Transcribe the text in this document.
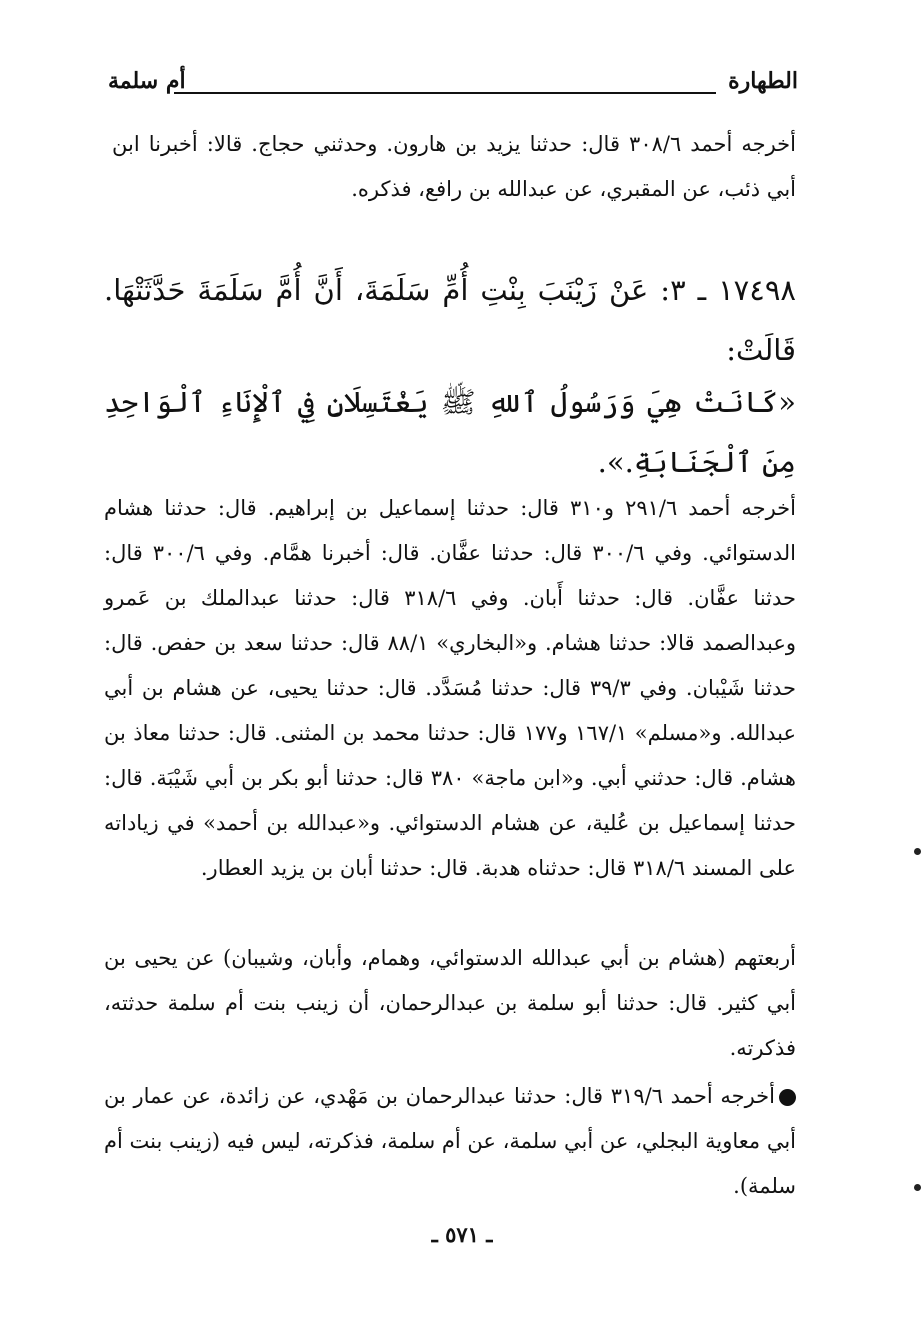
الطهارة
أم سلمة
أخرجه أحمد ٣٠٨/٦ قال: حدثنا يزيد بن هارون. وحدثني حجاج. قالا: أخبرنا ابن أبي ذئب، عن المقبري، عن عبدالله بن رافع، فذكره.
١٧٤٩٨ ـ ٣: عَنْ زَيْنَبَ بِنْتِ أُمِّ سَلَمَةَ، أَنَّ أُمَّ سَلَمَةَ حَدَّثَتْهَا. قَالَتْ:
«كَانَتْ هِيَ وَرَسُولُ ٱللهِ ﷺ يَغْتَسِلَانِ فِي ٱلْإِنَاءِ ٱلْوَاحِدِ مِنَ ٱلْجَنَابَةِ.».
أخرجه أحمد ٢٩١/٦ و٣١٠ قال: حدثنا إسماعيل بن إبراهيم. قال: حدثنا هشام الدستوائي. وفي ٣٠٠/٦ قال: حدثنا عفَّان. قال: أخبرنا همَّام. وفي ٣٠٠/٦ قال: حدثنا عفَّان. قال: حدثنا أَبان. وفي ٣١٨/٦ قال: حدثنا عبدالملك بن عَمرو وعبدالصمد قالا: حدثنا هشام. و«البخاري» ٨٨/١ قال: حدثنا سعد بن حفص. قال: حدثنا شَيْبان. وفي ٣٩/٣ قال: حدثنا مُسَدَّد. قال: حدثنا يحيى، عن هشام بن أبي عبدالله. و«مسلم» ١٦٧/١ و١٧٧ قال: حدثنا محمد بن المثنى. قال: حدثنا معاذ بن هشام. قال: حدثني أبي. و«ابن ماجة» ٣٨٠ قال: حدثنا أبو بكر بن أبي شَيْبَة. قال: حدثنا إسماعيل بن عُلية، عن هشام الدستوائي. و«عبدالله بن أحمد» في زياداته على المسند ٣١٨/٦ قال: حدثناه هدبة. قال: حدثنا أبان بن يزيد العطار.
أربعتهم (هشام بن أبي عبدالله الدستوائي، وهمام، وأبان، وشيبان) عن يحيى بن أبي كثير. قال: حدثنا أبو سلمة بن عبدالرحمان، أن زينب بنت أم سلمة حدثته، فذكرته.
أخرجه أحمد ٣١٩/٦ قال: حدثنا عبدالرحمان بن مَهْدي، عن زائدة، عن عمار بن أبي معاوية البجلي، عن أبي سلمة، عن أم سلمة، فذكرته، ليس فيه (زينب بنت أم سلمة).
ـ ٥٧١ ـ
